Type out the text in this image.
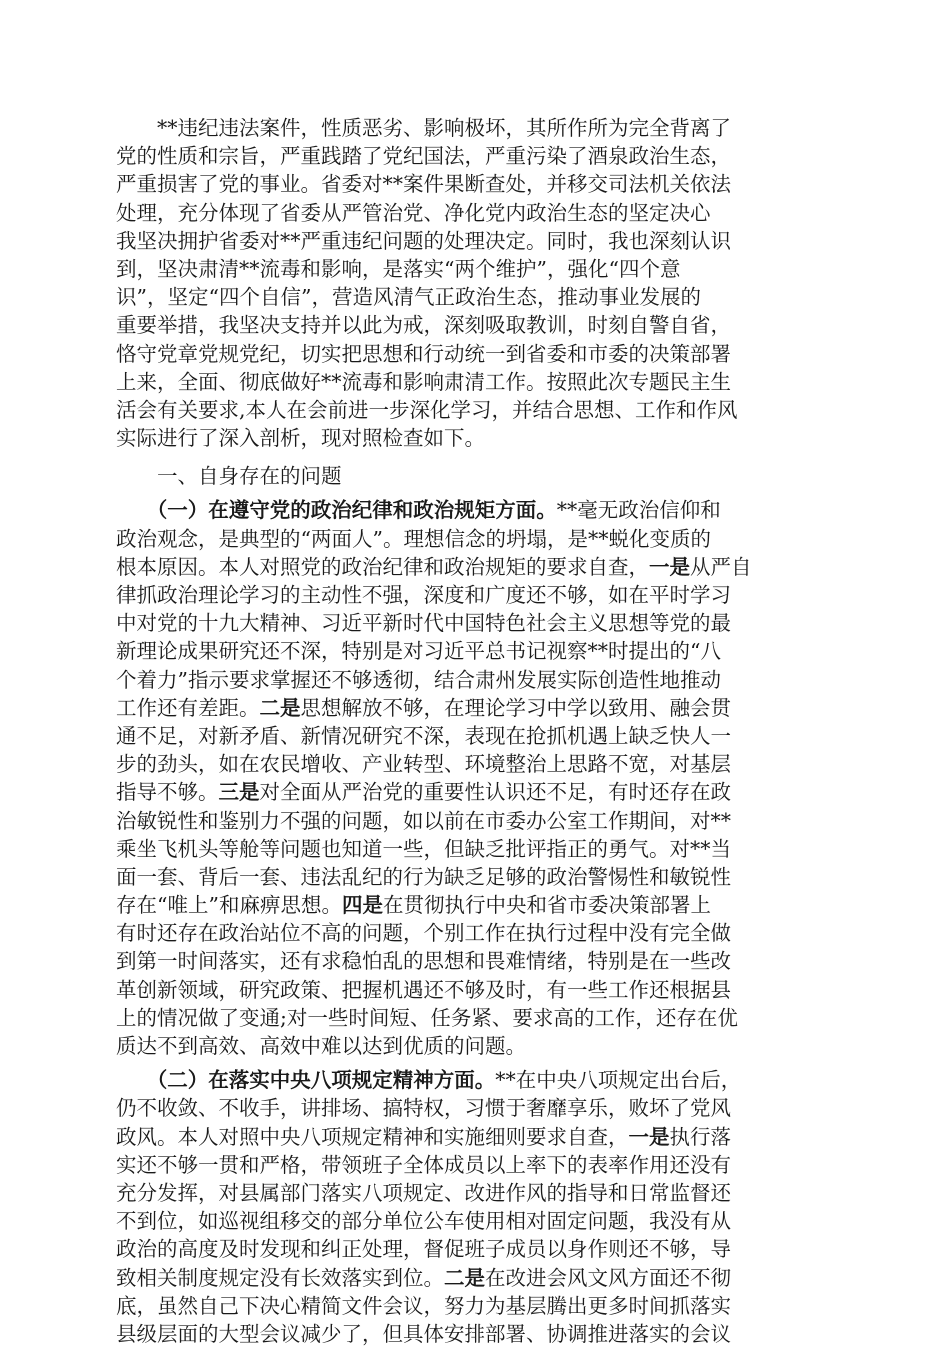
　　**违纪违法案件，性质恶劣、影响极坏，其所作所为完全背离了
党的性质和宗旨，严重践踏了党纪国法，严重污染了酒泉政治生态，
严重损害了党的事业。省委对**案件果断查处，并移交司法机关依法
处理，充分体现了省委从严管治党、净化党内政治生态的坚定决心
我坚决拥护省委对**严重违纪问题的处理决定。同时，我也深刻认识
到，坚决肃清**流毒和影响，是落实“两个维护”，强化“四个意
识”，坚定“四个自信”，营造风清气正政治生态，推动事业发展的
重要举措，我坚决支持并以此为戒，深刻吸取教训，时刻自警自省，
恪守党章党规党纪，切实把思想和行动统一到省委和市委的决策部署
上来，全面、彻底做好**流毒和影响肃清工作。按照此次专题民主生
活会有关要求,本人在会前进一步深化学习，并结合思想、工作和作风
实际进行了深入剖析，现对照检查如下。
　　一、自身存在的问题
　　（一）在遵守党的政治纪律和政治规矩方面。**毫无政治信仰和
政治观念，是典型的“两面人”。理想信念的坍塌，是**蜕化变质的
根本原因。本人对照党的政治纪律和政治规矩的要求自查，一是从严自
律抓政治理论学习的主动性不强，深度和广度还不够，如在平时学习
中对党的十九大精神、习近平新时代中国特色社会主义思想等党的最
新理论成果研究还不深，特别是对习近平总书记视察**时提出的“八
个着力”指示要求掌握还不够透彻，结合肃州发展实际创造性地推动
工作还有差距。二是思想解放不够，在理论学习中学以致用、融会贯
通不足，对新矛盾、新情况研究不深，表现在抢抓机遇上缺乏快人一
步的劲头，如在农民增收、产业转型、环境整治上思路不宽，对基层
指导不够。三是对全面从严治党的重要性认识还不足，有时还存在政
治敏锐性和鉴别力不强的问题，如以前在市委办公室工作期间，对**
乘坐飞机头等舱等问题也知道一些，但缺乏批评指正的勇气。对**当
面一套、背后一套、违法乱纪的行为缺乏足够的政治警惕性和敏锐性
存在“唯上”和麻痹思想。四是在贯彻执行中央和省市委决策部署上
有时还存在政治站位不高的问题，个别工作在执行过程中没有完全做
到第一时间落实，还有求稳怕乱的思想和畏难情绪，特别是在一些改
革创新领域，研究政策、把握机遇还不够及时，有一些工作还根据县
上的情况做了变通;对一些时间短、任务紧、要求高的工作，还存在优
质达不到高效、高效中难以达到优质的问题。
　　（二）在落实中央八项规定精神方面。**在中央八项规定出台后，
仍不收敛、不收手，讲排场、搞特权，习惯于奢靡享乐，败坏了党风
政风。本人对照中央八项规定精神和实施细则要求自查，一是执行落
实还不够一贯和严格，带领班子全体成员以上率下的表率作用还没有
充分发挥，对县属部门落实八项规定、改进作风的指导和日常监督还
不到位，如巡视组移交的部分单位公车使用相对固定问题，我没有从
政治的高度及时发现和纠正处理，督促班子成员以身作则还不够，导
致相关制度规定没有长效落实到位。二是在改进会风文风方面还不彻
底，虽然自己下决心精简文件会议，努力为基层腾出更多时间抓落实
县级层面的大型会议减少了，但具体安排部署、协调推进落实的会议
